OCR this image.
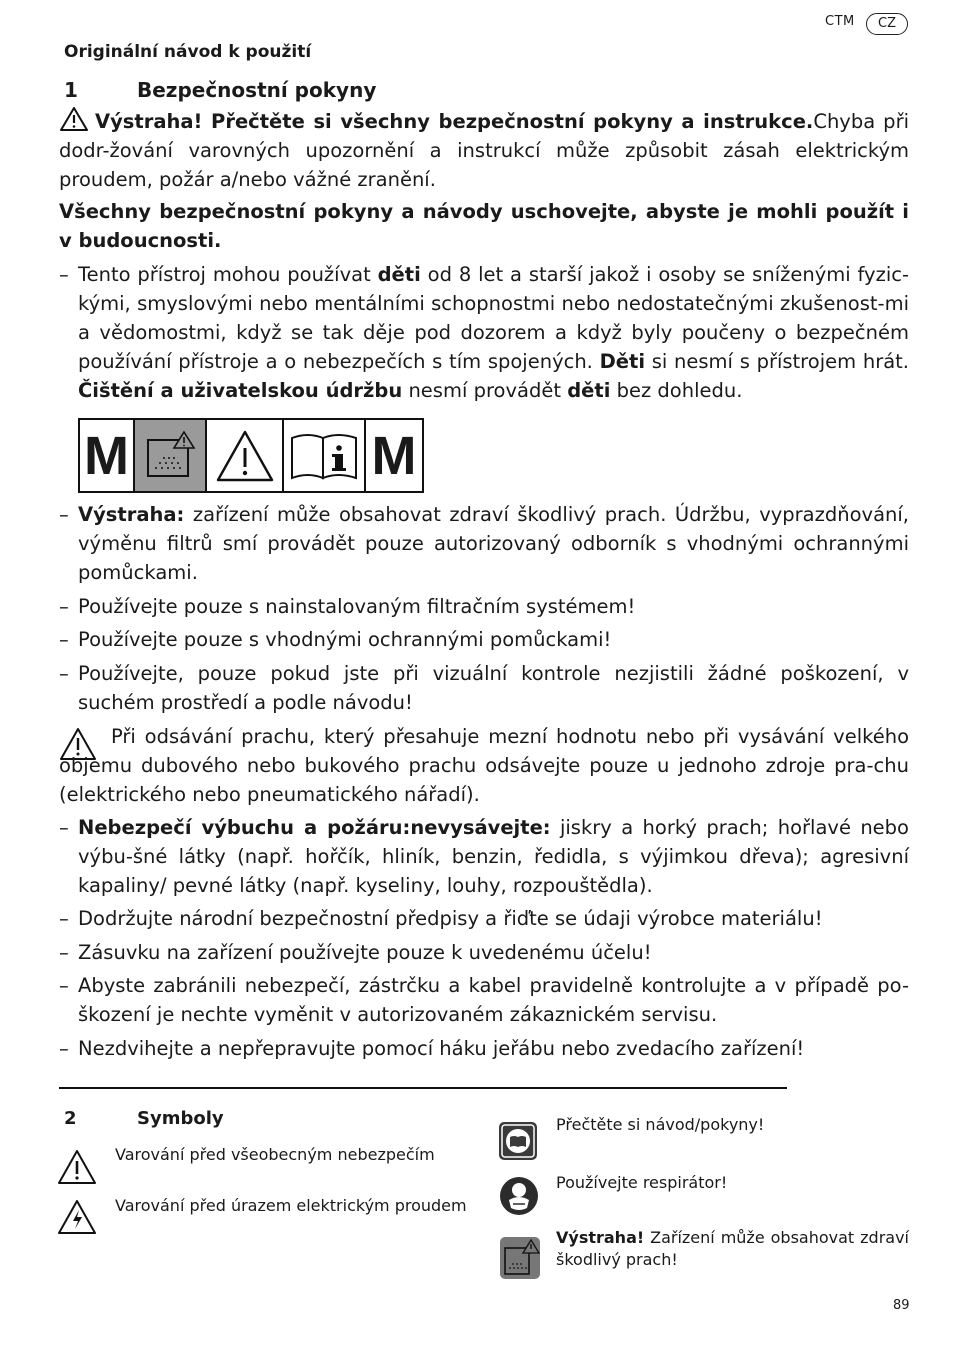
CTM	CZ
Originální návod k použití
1	Bezpečnostní pokyny
Výstraha! Přečtěte si všechny bezpečnostní pokyny a instrukce.Chyba při dodr-žování varovných upozornění a instrukcí může způsobit zásah elektrickým proudem, požár a/nebo vážné zranění.
Všechny bezpečnostní pokyny a návody uschovejte, abyste je mohli použít i v budoucnosti.
– Tento přístroj mohou používat děti od 8 let a starší jakož i osoby se sníženými fyzic-kými, smyslovými nebo mentálními schopnostmi nebo nedostatečnými zkušenost-mi a vědomostmi, když se tak děje pod dozorem a když byly poučeny o bezpečném používání přístroje a o nebezpečích s tím spojených. Děti si nesmí s přístrojem hrát. Čištění a uživatelskou údržbu nesmí provádět děti bez dohledu.
M	M
– Výstraha: zařízení může obsahovat zdraví škodlivý prach. Údržbu, vyprazdňování, výměnu filtrů smí provádět pouze autorizovaný odborník s vhodnými ochrannými pomůckami.
– Používejte pouze s nainstalovaným filtračním systémem!
– Používejte pouze s vhodnými ochrannými pomůckami!
– Používejte, pouze pokud jste při vizuální kontrole nezjistili žádné poškození, v suchém prostředí a podle návodu!
Při odsávání prachu, který přesahuje mezní hodnotu nebo při vysávání velkého objemu dubového nebo bukového prachu odsávejte pouze u jednoho zdroje pra-chu (elektrického nebo pneumatického nářadí).
– Nebezpečí výbuchu a požáru:nevysávejte: jiskry a horký prach; hořlavé nebo výbu-šné látky (např. hořčík, hliník, benzin, ředidla, s výjimkou dřeva); agresivní kapaliny/ pevné látky (např. kyseliny, louhy, rozpouštědla).
– Dodržujte národní bezpečnostní předpisy a řiďte se údaji výrobce materiálu!
– Zásuvku na zařízení používejte pouze k uvedenému účelu!
– Abyste zabránili nebezpečí, zástrčku a kabel pravidelně kontrolujte a v případě po-škození je nechte vyměnit v autorizovaném zákaznickém servisu.
– Nezdvihejte a nepřepravujte pomocí háku jeřábu nebo zvedacího zařízení!
2	Symboly
Varování před všeobecným nebezpečím
Varování před úrazem elektrickým proudem
Přečtěte si návod/pokyny!
Používejte respirátor!
Výstraha! Zařízení může obsahovat zdraví škodlivý prach!
89
